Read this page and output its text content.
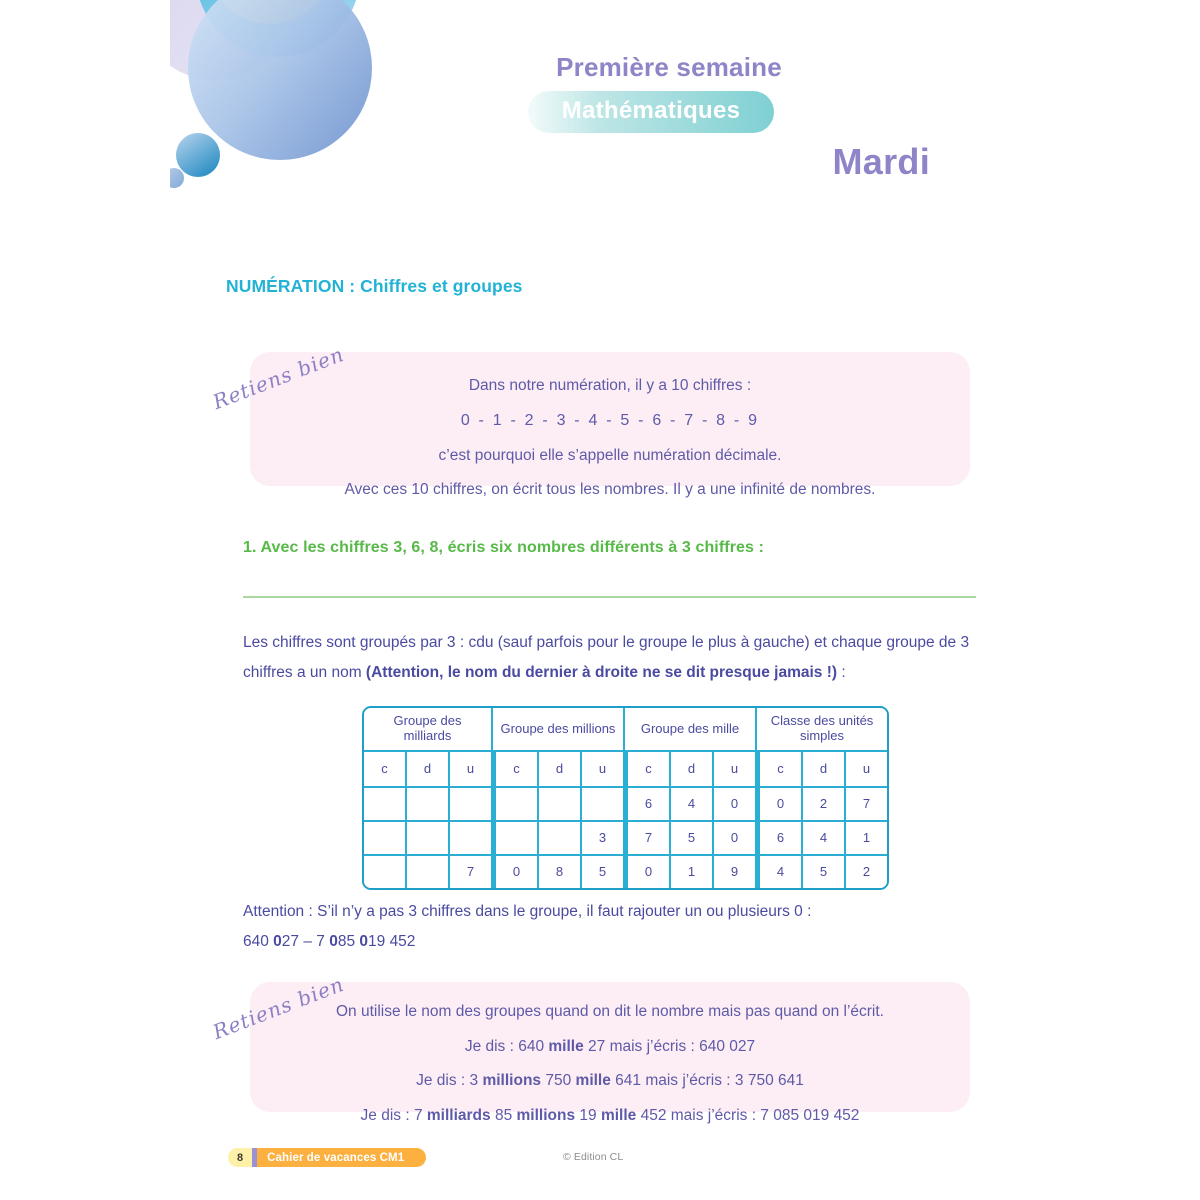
Première semaine
Mathématiques
Mardi
NUMÉRATION : Chiffres et groupes
Retiens bien	Dans notre numération, il y a 10 chiffres :

0 - 1 - 2 - 3 - 4 - 5 - 6 - 7 - 8 - 9

c’est pourquoi elle s’appelle numération décimale.

Avec ces 10 chiffres, on écrit tous les nombres. Il y a une infinité de nombres.

1. Avec les chiffres 3, 6, 8, écris six nombres différents à 3 chiffres :
Les chiffres sont groupés par 3 : cdu (sauf parfois pour le groupe le plus à gauche) et chaque groupe de 3 chiffres a un nom (Attention, le nom du dernier à droite ne se dit presque jamais !) :
Groupe des milliards			Groupe des millions			Groupe des mille			Classe des unités simples		
c	d	u	c	d	u	c	d	u	c	d	u
						6	4	0	0	2	7
					3	7	5	0	6	4	1
		7	0	8	5	0	1	9	4	5	2
Attention : S’il n’y a pas 3 chiffres dans le groupe, il faut rajouter un ou plusieurs 0 :
640 027 – 7 085 019 452
Retiens bien

On utilise le nom des groupes quand on dit le nombre mais pas quand on l’écrit.

Je dis : 640 mille 27 mais j’écris : 640 027

Je dis : 3 millions 750 mille 641 mais j’écris : 3 750 641

Je dis : 7 milliards 85 millions 19 mille 452 mais j’écris : 7 085 019 452

8	Cahier de vacances CM1	© Edition CL
